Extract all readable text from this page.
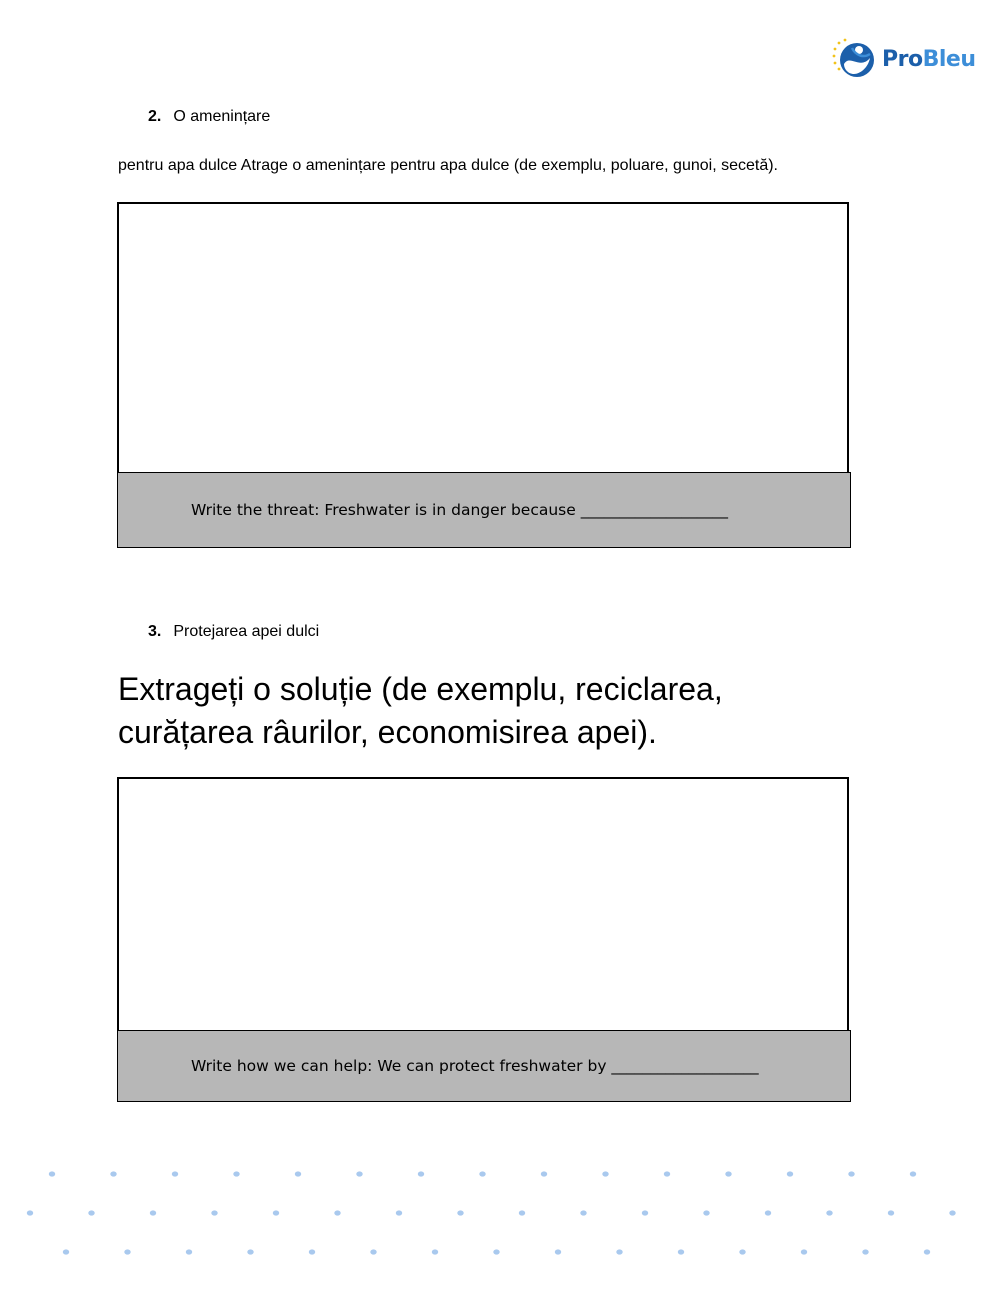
ProBleu
2. O amenințare
pentru apa dulce Atrage o amenințare pentru apa dulce (de exemplu, poluare, gunoi, secetă).
Write the threat: Freshwater is in danger because ___________________
3. Protejarea apei dulci
Extrageți o soluție (de exemplu, reciclarea, curățarea râurilor, economisirea apei).
Write how we can help: We can protect freshwater by ___________________
